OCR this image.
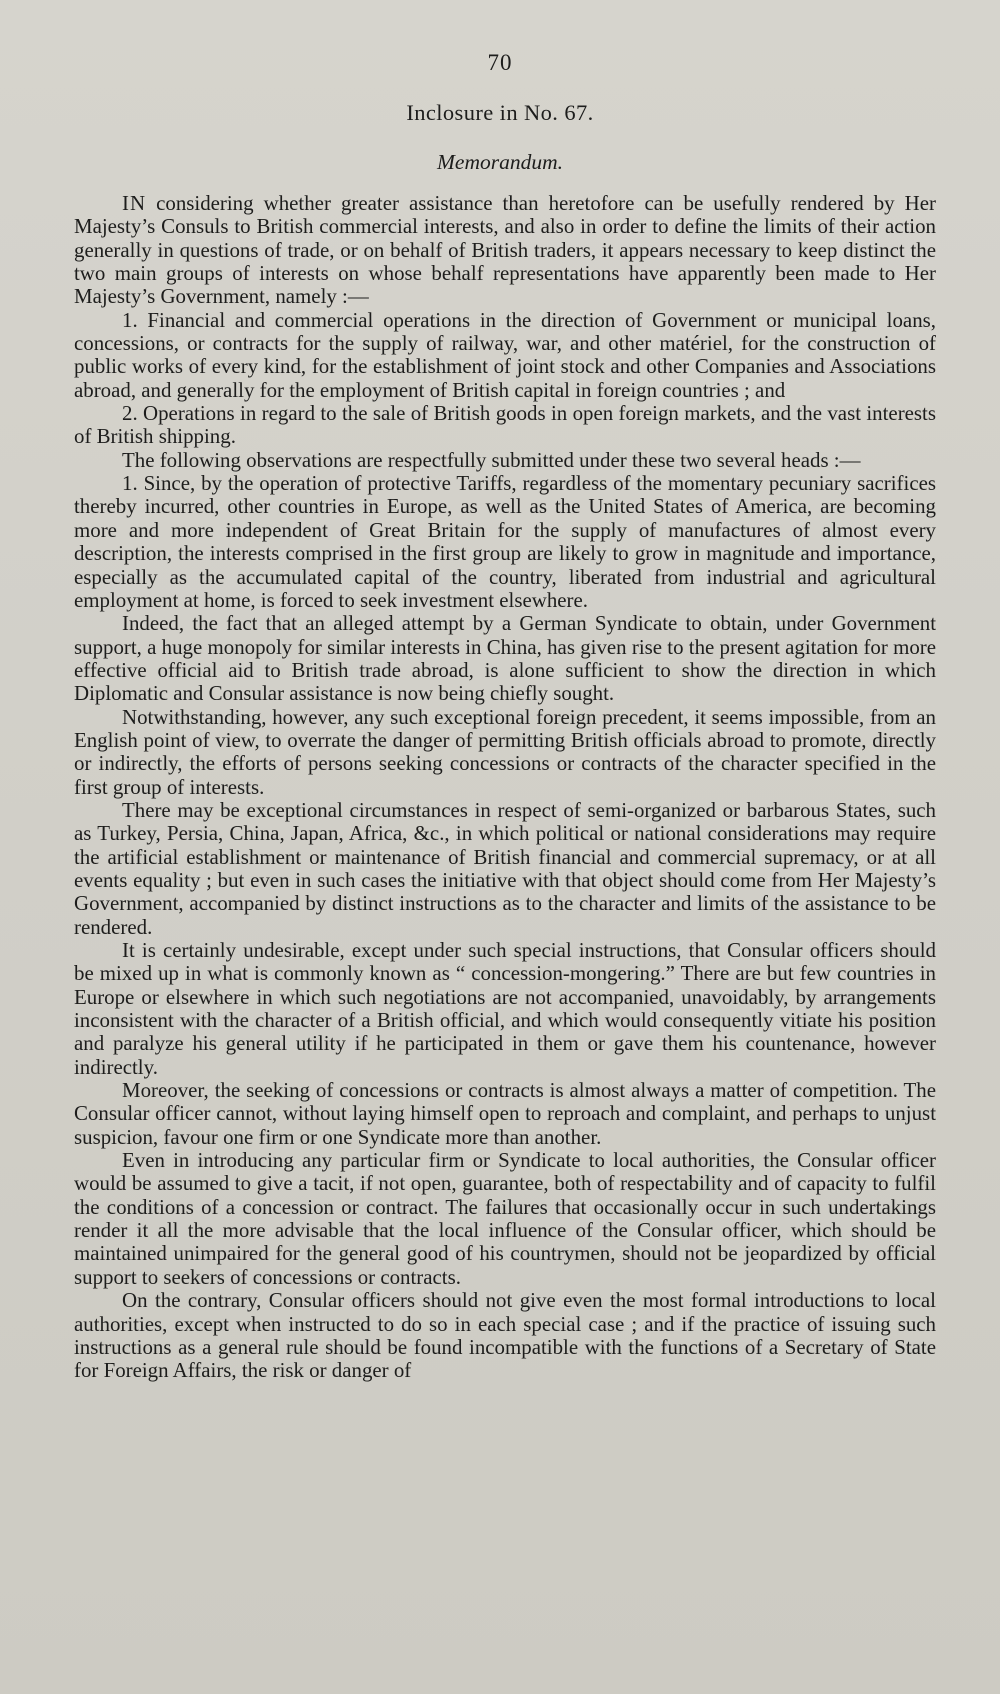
70
Inclosure in No. 67.
Memorandum.

IN considering whether greater assistance than heretofore can be usefully rendered by Her Majesty’s Consuls to British commercial interests, and also in order to define the limits of their action generally in questions of trade, or on behalf of British traders, it appears necessary to keep distinct the two main groups of interests on whose behalf representations have apparently been made to Her Majesty’s Government, namely :—

1. Financial and commercial operations in the direction of Government or municipal loans, concessions, or contracts for the supply of railway, war, and other matériel, for the construction of public works of every kind, for the establishment of joint stock and other Companies and Associations abroad, and generally for the employment of British capital in foreign countries ; and

2. Operations in regard to the sale of British goods in open foreign markets, and the vast interests of British shipping.

The following observations are respectfully submitted under these two several heads :—

1. Since, by the operation of protective Tariffs, regardless of the momentary pecuniary sacrifices thereby incurred, other countries in Europe, as well as the United States of America, are becoming more and more independent of Great Britain for the supply of manufactures of almost every description, the interests comprised in the first group are likely to grow in magnitude and importance, especially as the accumulated capital of the country, liberated from industrial and agricultural employment at home, is forced to seek investment elsewhere.

Indeed, the fact that an alleged attempt by a German Syndicate to obtain, under Government support, a huge monopoly for similar interests in China, has given rise to the present agitation for more effective official aid to British trade abroad, is alone sufficient to show the direction in which Diplomatic and Consular assistance is now being chiefly sought.

Notwithstanding, however, any such exceptional foreign precedent, it seems impossible, from an English point of view, to overrate the danger of permitting British officials abroad to promote, directly or indirectly, the efforts of persons seeking concessions or contracts of the character specified in the first group of interests.

There may be exceptional circumstances in respect of semi-organized or barbarous States, such as Turkey, Persia, China, Japan, Africa, &c., in which political or national considerations may require the artificial establishment or maintenance of British financial and commercial supremacy, or at all events equality ; but even in such cases the initiative with that object should come from Her Majesty’s Government, accompanied by distinct instructions as to the character and limits of the assistance to be rendered.

It is certainly undesirable, except under such special instructions, that Consular officers should be mixed up in what is commonly known as “ concession-mongering.” There are but few countries in Europe or elsewhere in which such negotiations are not accompanied, unavoidably, by arrangements inconsistent with the character of a British official, and which would consequently vitiate his position and paralyze his general utility if he participated in them or gave them his countenance, however indirectly.

Moreover, the seeking of concessions or contracts is almost always a matter of competition. The Consular officer cannot, without laying himself open to reproach and complaint, and perhaps to unjust suspicion, favour one firm or one Syndicate more than another.

Even in introducing any particular firm or Syndicate to local authorities, the Consular officer would be assumed to give a tacit, if not open, guarantee, both of respectability and of capacity to fulfil the conditions of a concession or contract. The failures that occasionally occur in such undertakings render it all the more advisable that the local influence of the Consular officer, which should be maintained unimpaired for the general good of his countrymen, should not be jeopardized by official support to seekers of concessions or contracts.

On the contrary, Consular officers should not give even the most formal introductions to local authorities, except when instructed to do so in each special case ; and if the practice of issuing such instructions as a general rule should be found incompatible with the functions of a Secretary of State for Foreign Affairs, the risk or danger of
